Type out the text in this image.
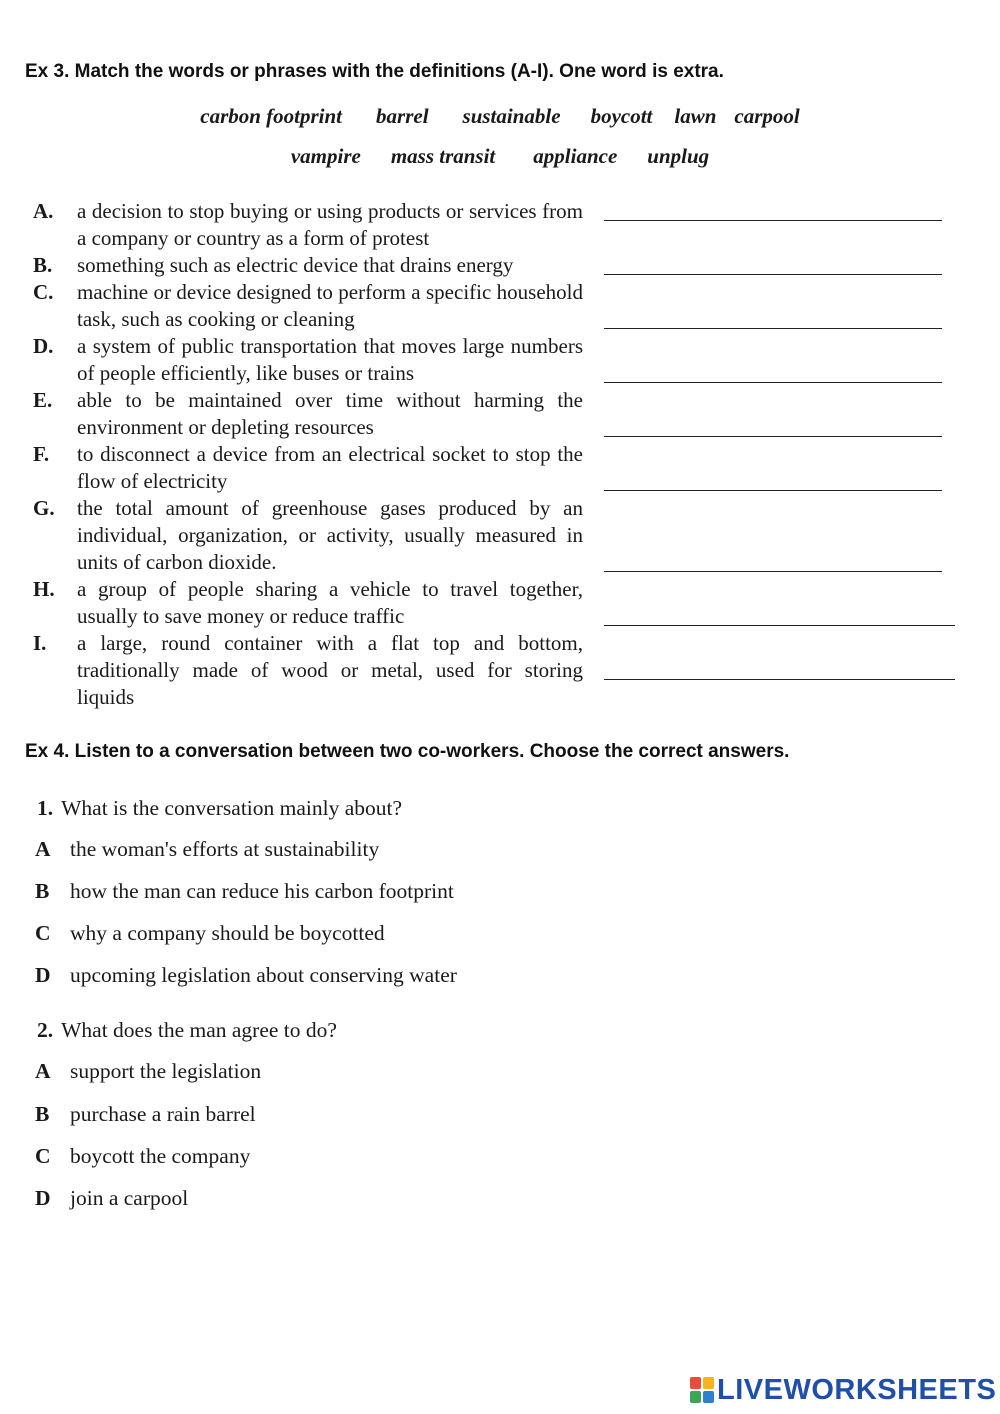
Ex 3. Match the words or phrases with the definitions (A-I). One word is extra.
carbon footprint barrel sustainable boycott lawn carpool
vampire mass transit appliance unplug
A. a decision to stop buying or using products or services from a company or country as a form of protest
B. something such as electric device that drains energy
C. machine or device designed to perform a specific household task, such as cooking or cleaning
D. a system of public transportation that moves large numbers of people efficiently, like buses or trains
E. able to be maintained over time without harming the environment or depleting resources
F. to disconnect a device from an electrical socket to stop the flow of electricity
G. the total amount of greenhouse gases produced by an individual, organization, or activity, usually measured in units of carbon dioxide.
H. a group of people sharing a vehicle to travel together, usually to save money or reduce traffic
I. a large, round container with a flat top and bottom, traditionally made of wood or metal, used for storing liquids
Ex 4. Listen to a conversation between two co-workers. Choose the correct answers.
1. What is the conversation mainly about?
A the woman's efforts at sustainability
B how the man can reduce his carbon footprint
C why a company should be boycotted
D upcoming legislation about conserving water
2. What does the man agree to do?
A support the legislation
B purchase a rain barrel
C boycott the company
D join a carpool
LIVEWORKSHEETS
